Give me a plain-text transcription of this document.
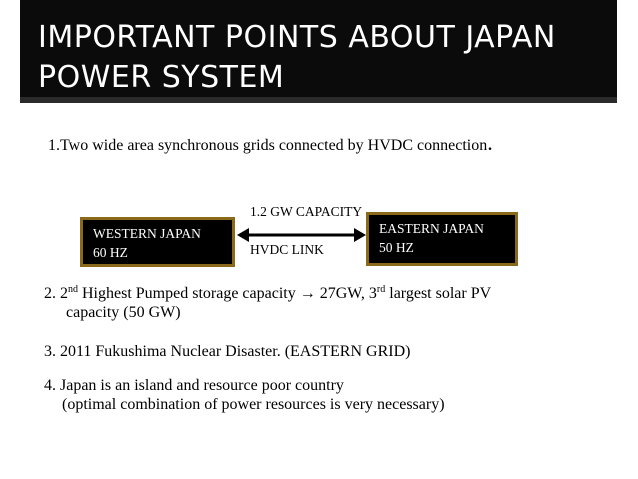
IMPORTANT POINTS ABOUT JAPAN
POWER SYSTEM
1.Two wide area synchronous grids connected by HVDC connection.

1.2 GW CAPACITY

HVDC LINK

WESTERN JAPAN
60 HZ
EASTERN JAPAN
50 HZ
2. 2nd Highest Pumped storage capacity → 27GW, 3rd largest solar PV
capacity (50 GW)
3. 2011 Fukushima Nuclear Disaster. (EASTERN GRID)
4. Japan is an island and resource poor country
(optimal combination of power resources is very necessary)
